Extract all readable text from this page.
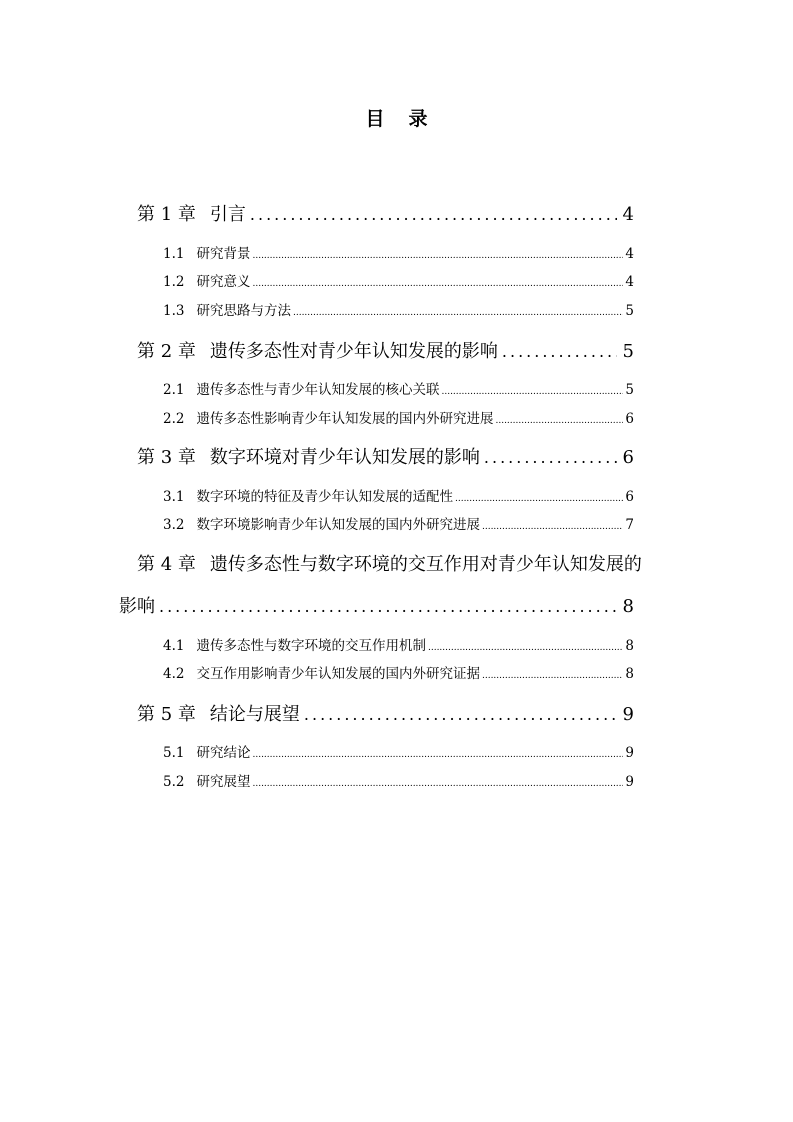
目录
第 1 章 引言 .....	4
1.1 研究背景 .....	4
1.2 研究意义 .....	4
1.3 研究思路与方法 .....	5
第 2 章 遗传多态性对青少年认知发展的影响 .....	5
2.1 遗传多态性与青少年认知发展的核心关联 .....	5
2.2 遗传多态性影响青少年认知发展的国内外研究进展 .....	6
第 3 章 数字环境对青少年认知发展的影响 .....	6
3.1 数字环境的特征及青少年认知发展的适配性 .....	6
3.2 数字环境影响青少年认知发展的国内外研究进展 .....	7
第 4 章 遗传多态性与数字环境的交互作用对青少年认知发展的
影响 .....	8
4.1 遗传多态性与数字环境的交互作用机制 .....	8
4.2 交互作用影响青少年认知发展的国内外研究证据 .....	8
第 5 章 结论与展望 .....	9
5.1 研究结论 .....	9
5.2 研究展望 .....	9
